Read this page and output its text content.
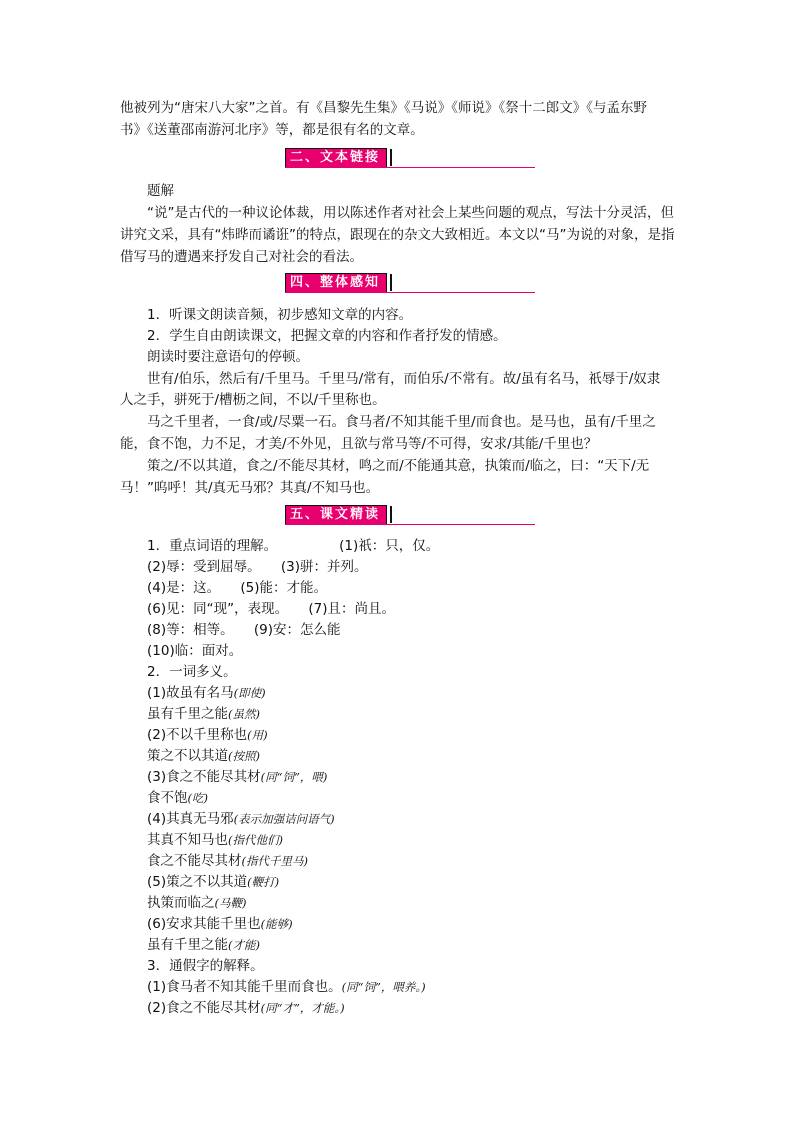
他被列为“唐宋八大家”之首。有《昌黎先生集》《马说》《师说》《祭十二郎文》《与孟东野

书》《送董邵南游河北序》等，都是很有名的文章。

二、文本链接

题解

“说”是古代的一种议论体裁，用以陈述作者对社会上某些问题的观点，写法十分灵活，但讲究文采，具有“炜晔而谲诳”的特点，跟现在的杂文大致相近。本文以“马”为说的对象，是指借写马的遭遇来抒发自己对社会的看法。

四、整体感知

1．听课文朗读音频，初步感知文章的内容。

2．学生自由朗读课文，把握文章的内容和作者抒发的情感。

朗读时要注意语句的停顿。

世有/伯乐，然后有/千里马。千里马/常有，而伯乐/不常有。故/虽有名马，祇辱于/奴隶

人之手，骈死于/槽枥之间，不以/千里称也。

马之千里者，一食/或/尽粟一石。食马者/不知其能千里/而食也。是马也，虽有/千里之

能，食不饱，力不足，才美/不外见，且欲与常马等/不可得，安求/其能/千里也？

策之/不以其道，食之/不能尽其材，鸣之而/不能通其意，执策而/临之，曰：“天下/无

马！”呜呼！其/真无马邪？其真/不知马也。

五、课文精读

1．重点词语的理解。	(1)祇：只，仅。

(2)辱：受到屈辱。　　(3)骈：并列。

(4)是：这。　　(5)能：才能。

(6)见：同“现”，表现。　　(7)且：尚且。

(8)等：相等。　　(9)安：怎么能

(10)临：面对。

2．一词多义。

(1)故虽有名马(即使)

虽有千里之能(虽然)

(2)不以千里称也(用)

策之不以其道(按照)

(3)食之不能尽其材(同“饲”，喂)

食不饱(吃)

(4)其真无马邪(表示加强诘问语气)

其真不知马也(指代他们)

食之不能尽其材(指代千里马)

(5)策之不以其道(鞭打)

执策而临之(马鞭)

(6)安求其能千里也(能够)

虽有千里之能(才能)

3．通假字的解释。

(1)食马者不知其能千里而食也。(同“饲”，喂养。)

(2)食之不能尽其材(同“才”，才能。)
